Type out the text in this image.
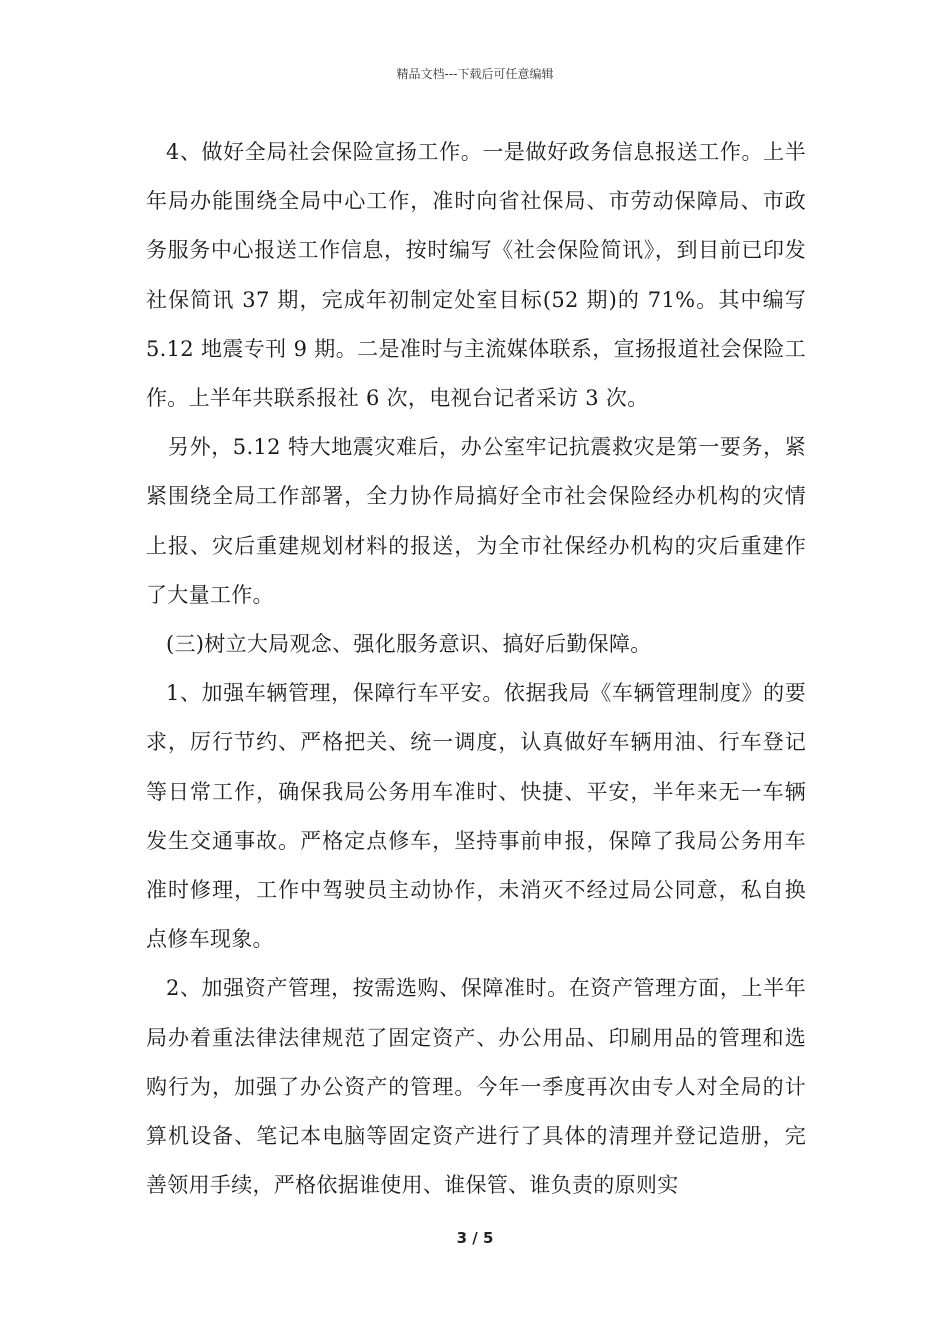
精品文档---下载后可任意编辑

4、做好全局社会保险宣扬工作。一是做好政务信息报送工作。上半年局办能围绕全局中心工作，准时向省社保局、市劳动保障局、市政务服务中心报送工作信息，按时编写《社会保险简讯》，到目前已印发社保简讯 37 期，完成年初制定处室目标(52 期)的 71%。其中编写 5.12 地震专刊 9 期。二是准时与主流媒体联系，宣扬报道社会保险工作。上半年共联系报社 6 次，电视台记者采访 3 次。

另外，5.12 特大地震灾难后，办公室牢记抗震救灾是第一要务，紧紧围绕全局工作部署，全力协作局搞好全市社会保险经办机构的灾情上报、灾后重建规划材料的报送，为全市社保经办机构的灾后重建作了大量工作。

(三)树立大局观念、强化服务意识、搞好后勤保障。

1、加强车辆管理，保障行车平安。依据我局《车辆管理制度》的要求，厉行节约、严格把关、统一调度，认真做好车辆用油、行车登记等日常工作，确保我局公务用车准时、快捷、平安，半年来无一车辆发生交通事故。严格定点修车，坚持事前申报，保障了我局公务用车准时修理，工作中驾驶员主动协作，未消灭不经过局公同意，私自换点修车现象。

2、加强资产管理，按需选购、保障准时。在资产管理方面，上半年局办着重法律法律规范了固定资产、办公用品、印刷用品的管理和选购行为，加强了办公资产的管理。今年一季度再次由专人对全局的计算机设备、笔记本电脑等固定资产进行了具体的清理并登记造册，完善领用手续，严格依据谁使用、谁保管、谁负责的原则实

3 / 5
